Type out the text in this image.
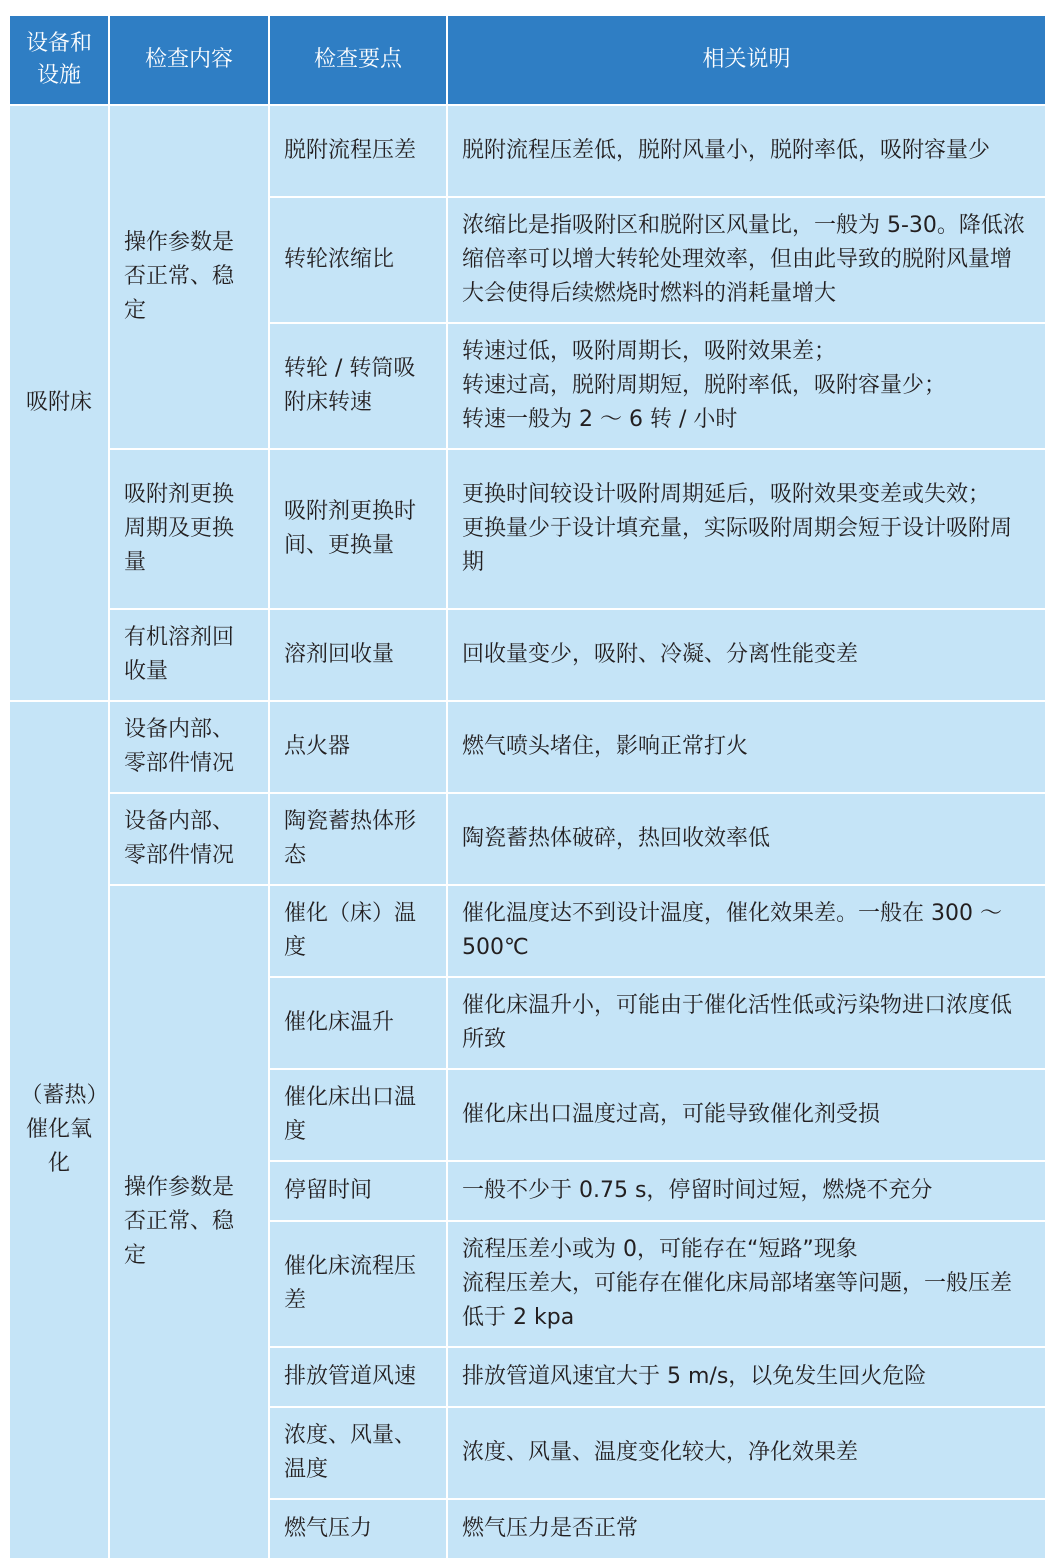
设备和设施	检查内容	检查要点	相关说明
吸附床	操作参数是否正常、稳定	脱附流程压差	脱附流程压差低，脱附风量小，脱附率低，吸附容量少
		转轮浓缩比	浓缩比是指吸附区和脱附区风量比，一般为 5-30。降低浓缩倍率可以增大转轮处理效率，但由此导致的脱附风量增大会使得后续燃烧时燃料的消耗量增大
		转轮 / 转筒吸附床转速	转速过低，吸附周期长，吸附效果差；
转速过高，脱附周期短，脱附率低，吸附容量少；
转速一般为 2 ～ 6 转 / 小时
	吸附剂更换周期及更换量	吸附剂更换时间、更换量	更换时间较设计吸附周期延后，吸附效果变差或失效；
更换量少于设计填充量，实际吸附周期会短于设计吸附周期
	有机溶剂回收量	溶剂回收量	回收量变少，吸附、冷凝、分离性能变差

（蓄热）催化氧化	设备内部、零部件情况	点火器	燃气喷头堵住，影响正常打火
	设备内部、零部件情况	陶瓷蓄热体形态	陶瓷蓄热体破碎，热回收效率低
	操作参数是否正常、稳定	催化（床）温度	催化温度达不到设计温度，催化效果差。一般在 300 ～ 500℃
		催化床温升	催化床温升小，可能由于催化活性低或污染物进口浓度低所致
		催化床出口温度	催化床出口温度过高，可能导致催化剂受损
		停留时间	一般不少于 0.75 s，停留时间过短，燃烧不充分
		催化床流程压差	流程压差小或为 0，可能存在“短路”现象
流程压差大，可能存在催化床局部堵塞等问题，一般压差低于 2 kpa
		排放管道风速	排放管道风速宜大于 5 m/s，以免发生回火危险
		浓度、风量、温度	浓度、风量、温度变化较大，净化效果差
		燃气压力	燃气压力是否正常
